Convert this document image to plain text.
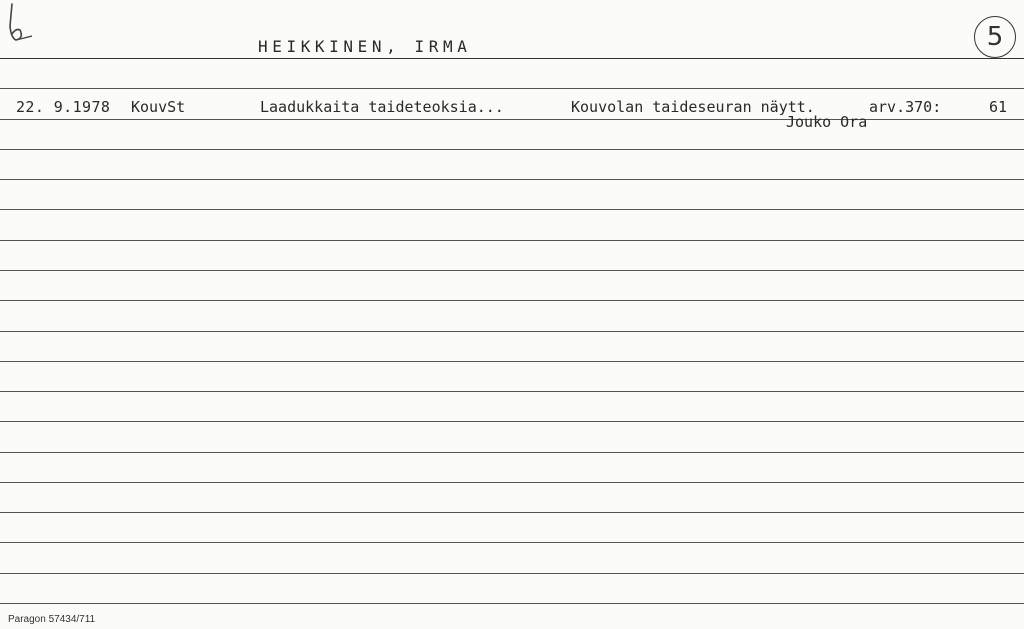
HEIKKINEN, IRMA	5
22. 9.1978 KouvSt	Laadukkaita taideteoksia...	Kouvolan taideseuran näytt.	arv.370:	61
Jouko Ora
Paragon 57434/711
